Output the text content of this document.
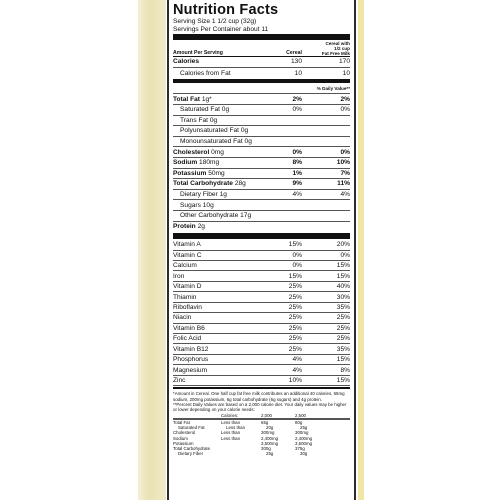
Nutrition Facts
Serving Size 1 1/2 cup (32g)
Servings Per Container about 11
Amount Per Serving	Cereal
Cereal with
1/2 cup
Fat Free Milk
Calories	130	170
Calories from Fat	10	10
% Daily Value**
Total Fat 1g*	2%	2%
Saturated Fat 0g	0%	0%
Trans Fat 0g
Polyunsaturated Fat 0g
Monounsaturated Fat 0g
Cholesterol 0mg	0%	0%
Sodium 180mg	8%	10%
Potassium 50mg	1%	7%
Total Carbohydrate 28g	9%	11%
Dietary Fiber 1g	4%	4%
Sugars 10g
Other Carbohydrate 17g
Protein 2g
Vitamin A	15%	20%
Vitamin C	0%	0%
Calcium	0%	15%
Iron	15%	15%
Vitamin D	25%	40%
Thiamin	25%	30%
Riboflavin	25%	35%
Niacin	25%	25%
Vitamin B6	25%	25%
Folic Acid	25%	25%
Vitamin B12	25%	35%
Phosphorus	4%	15%
Magnesium	4%	8%
Zinc	10%	15%
*Amount in Cereal. One half cup fat free milk contributes an additional 40 calories, 65mg sodium, 200mg potassium, 6g total carbohydrate (6g sugars) and 4g protein.
**Percent Daily Values are based on a 2,000 calorie diet. Your daily values may be higher or lower depending on your calorie needs:
Calories:	2,000	2,500
Total Fat	Less than	65g	80g
Saturated Fat	Less than	20g	25g
Cholesterol	Less than	300mg	300mg
Sodium	Less than	2,400mg	2,400mg
Potassium	3,500mg	3,500mg
Total Carbohydrate	300g	375g
Dietary Fiber	25g	30g
